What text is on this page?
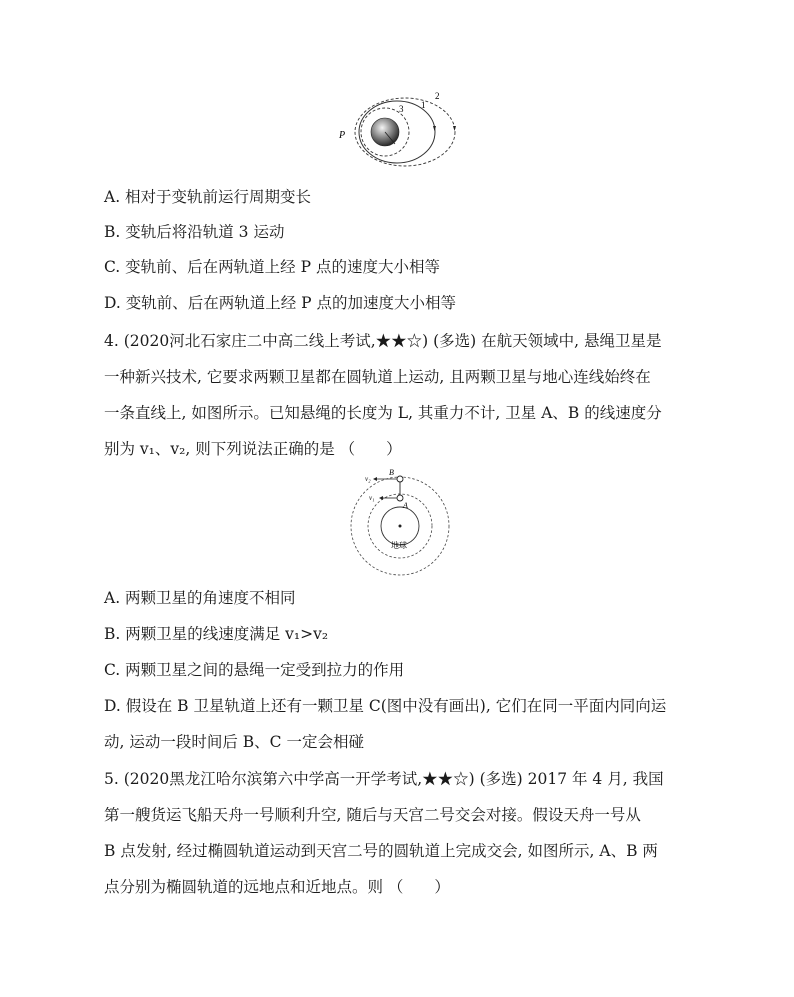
P
3 1
2
A. 相对于变轨前运行周期变长
B. 变轨后将沿轨道 3 运动
C. 变轨前、后在两轨道上经 P 点的速度大小相等
D. 变轨前、后在两轨道上经 P 点的加速度大小相等
4. (2020河北石家庄二中高二线上考试,★★☆) (多选) 在航天领域中, 悬绳卫星是
一种新兴技术, 它要求两颗卫星都在圆轨道上运动, 且两颗卫星与地心连线始终在
一条直线上, 如图所示。已知悬绳的长度为 L, 其重力不计, 卫星 A、B 的线速度分
别为 v₁、v₂, 则下列说法正确的是 （　　）
B
A
v₂
v₁
地球
A. 两颗卫星的角速度不相同
B. 两颗卫星的线速度满足 v₁>v₂
C. 两颗卫星之间的悬绳一定受到拉力的作用
D. 假设在 B 卫星轨道上还有一颗卫星 C(图中没有画出), 它们在同一平面内同向运
动, 运动一段时间后 B、C 一定会相碰
5. (2020黑龙江哈尔滨第六中学高一开学考试,★★☆) (多选) 2017 年 4 月, 我国
第一艘货运飞船天舟一号顺利升空, 随后与天宫二号交会对接。假设天舟一号从
B 点发射, 经过椭圆轨道运动到天宫二号的圆轨道上完成交会, 如图所示, A、B 两
点分别为椭圆轨道的远地点和近地点。则 （　　）
